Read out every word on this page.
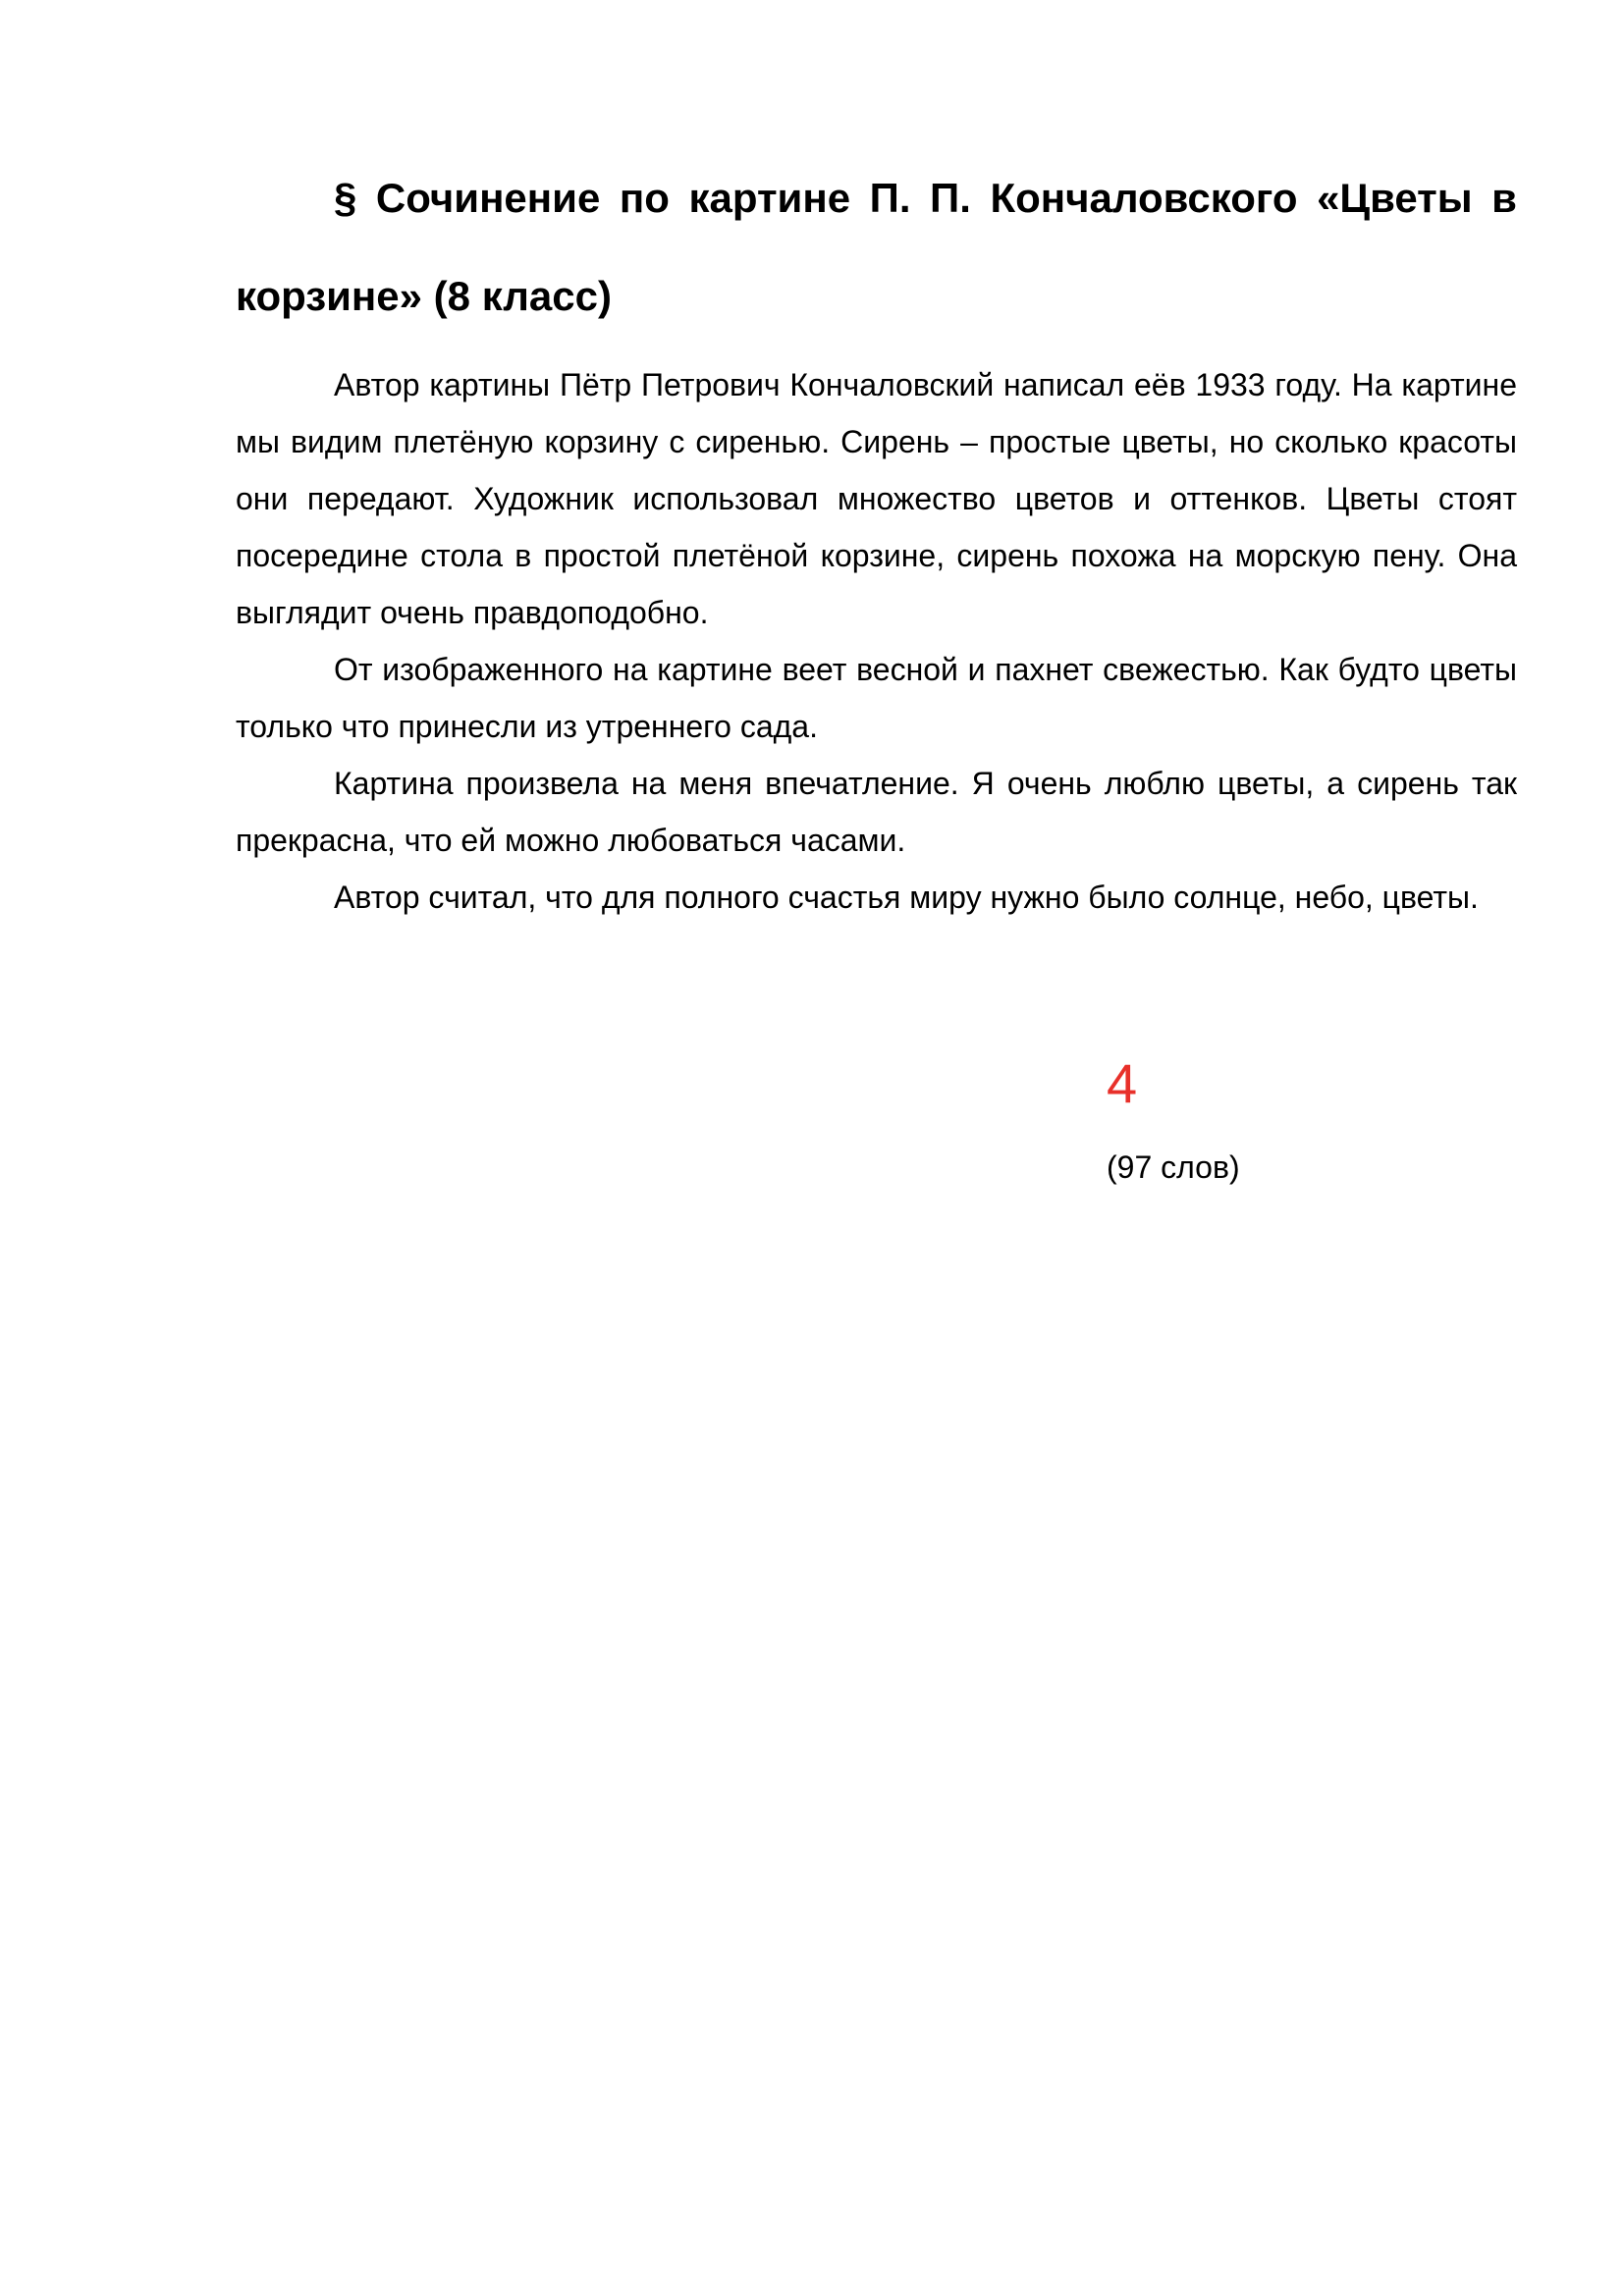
§ Сочинение по картине П. П. Кончаловского «Цветы в корзине» (8 класс)

Автор картины Пётр Петрович Кончаловский написал еёв 1933 году. На картине мы видим плетёную корзину с сиренью. Сирень – простые цветы, но сколько красоты они передают. Художник использовал множество цветов и оттенков. Цветы стоят посередине стола в простой плетёной корзине, сирень похожа на морскую пену. Она выглядит очень правдоподобно.

От изображенного на картине веет весной и пахнет свежестью. Как будто цветы только что принесли из утреннего сада.

Картина произвела на меня впечатление. Я очень люблю цветы, а сирень так прекрасна, что ей можно любоваться часами.

Автор считал, что для полного счастья миру нужно было солнце, небо, цветы.

4
(97 слов)
